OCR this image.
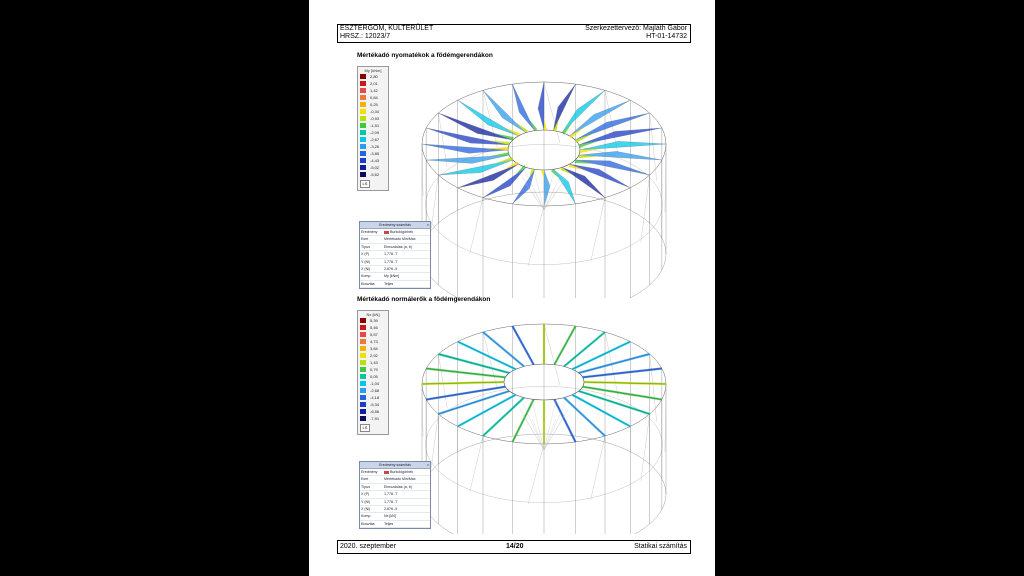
ESZTERGOM, KULTERÜLET
HRSZ.: 12023/7
Szerkezettervező: Majláth Gábor
HT-01-14732
Mértékadó nyomatékok a födémgerendákon
My [kNm]
2,80
2,01
1,42
0,84
0,25
-0,34
-0,93
-1,51
-2,09
-2,67
-3,26
-3,85
-4,43
-5,02
-5,62
LS
Eredmény számítás	×
Eredmény	Burkológörbék
Eset	Mértékadó Min/Max
Típus	Elmozdulás (a, b)
X (P)	1,778 -T
Y (Nl)	1,778 -T
X (Nl)	2,876 -5
Komp.	My [kNm]
Kiosztás	Teljes
Mértékadó normálerők a födémgerendákon
Nx [kN]
5,39
5,46
5,57
4,73
3,84
2,92
1,43
0,79
0,05
-1,04
-2,68
-4,18
-5,34
-6,56
-7,91
LS
Eredmény számítás	×
Eredmény	Burkológörbék
Eset	Mértékadó Min/Max
Típus	Elmozdulás (a, b)
X (P)	1,778 -T
Y (Nl)	1,778 -T
X (Nl)	2,876 -5
Komp.	Nx [kN]
Kiosztás	Teljes
2020. szeptember	14/20	Statikai számítás
